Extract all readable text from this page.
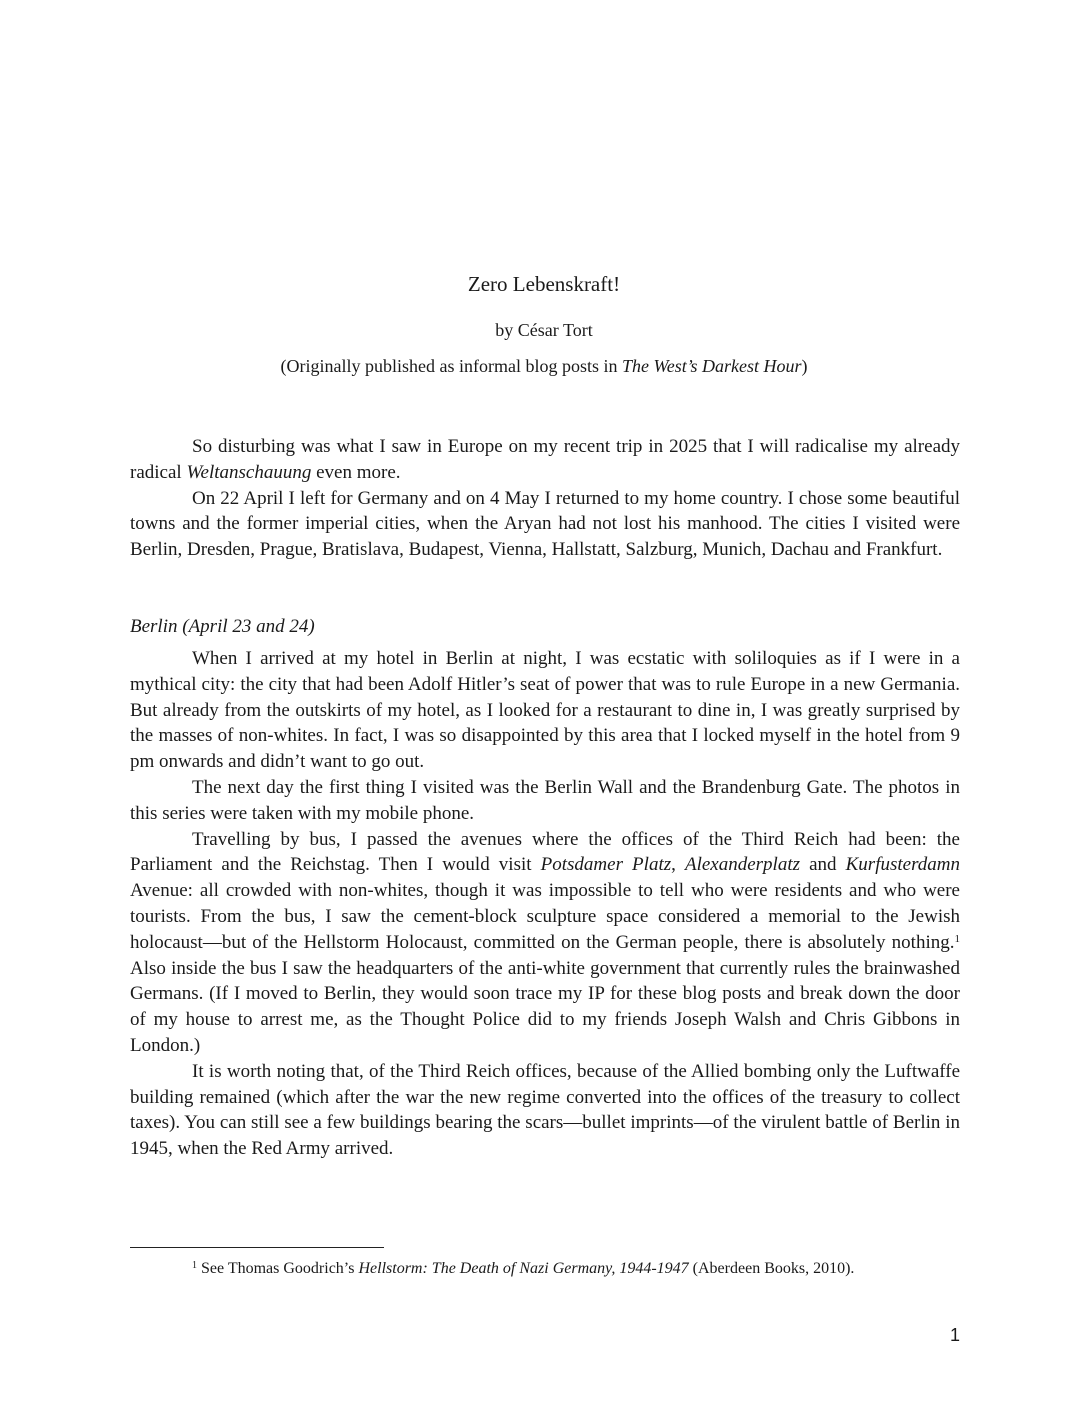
Zero Lebenskraft!
by César Tort
(Originally published as informal blog posts in The West’s Darkest Hour)

So disturbing was what I saw in Europe on my recent trip in 2025 that I will radicalise my already radical Weltanschauung even more.

On 22 April I left for Germany and on 4 May I returned to my home country. I chose some beautiful towns and the former imperial cities, when the Aryan had not lost his manhood. The cities I visited were Berlin, Dresden, Prague, Bratislava, Budapest, Vienna, Hallstatt, Salzburg, Munich, Dachau and Frankfurt.

Berlin (April 23 and 24)

When I arrived at my hotel in Berlin at night, I was ecstatic with soliloquies as if I were in a mythical city: the city that had been Adolf Hitler’s seat of power that was to rule Europe in a new Germania. But already from the outskirts of my hotel, as I looked for a restaurant to dine in, I was greatly surprised by the masses of non-whites. In fact, I was so disappointed by this area that I locked myself in the hotel from 9 pm onwards and didn’t want to go out.

The next day the first thing I visited was the Berlin Wall and the Brandenburg Gate. The photos in this series were taken with my mobile phone.

Travelling by bus, I passed the avenues where the offices of the Third Reich had been: the Parliament and the Reichstag. Then I would visit Potsdamer Platz, Alexanderplatz and Kurfusterdamn Avenue: all crowded with non-whites, though it was impossible to tell who were residents and who were tourists. From the bus, I saw the cement-block sculpture space considered a memorial to the Jewish holocaust—but of the Hellstorm Holocaust, committed on the German people, there is absolutely nothing.$^1$ Also inside the bus I saw the headquarters of the anti-white government that currently rules the brainwashed Germans. (If I moved to Berlin, they would soon trace my IP for these blog posts and break down the door of my house to arrest me, as the Thought Police did to my friends Joseph Walsh and Chris Gibbons in London.)

It is worth noting that, of the Third Reich offices, because of the Allied bombing only the Luftwaffe building remained (which after the war the new regime converted into the offices of the treasury to collect taxes). You can still see a few buildings bearing the scars—bullet imprints—of the virulent battle of Berlin in 1945, when the Red Army arrived.

$^1$ See Thomas Goodrich’s Hellstorm: The Death of Nazi Germany, 1944-1947 (Aberdeen Books, 2010).
1
